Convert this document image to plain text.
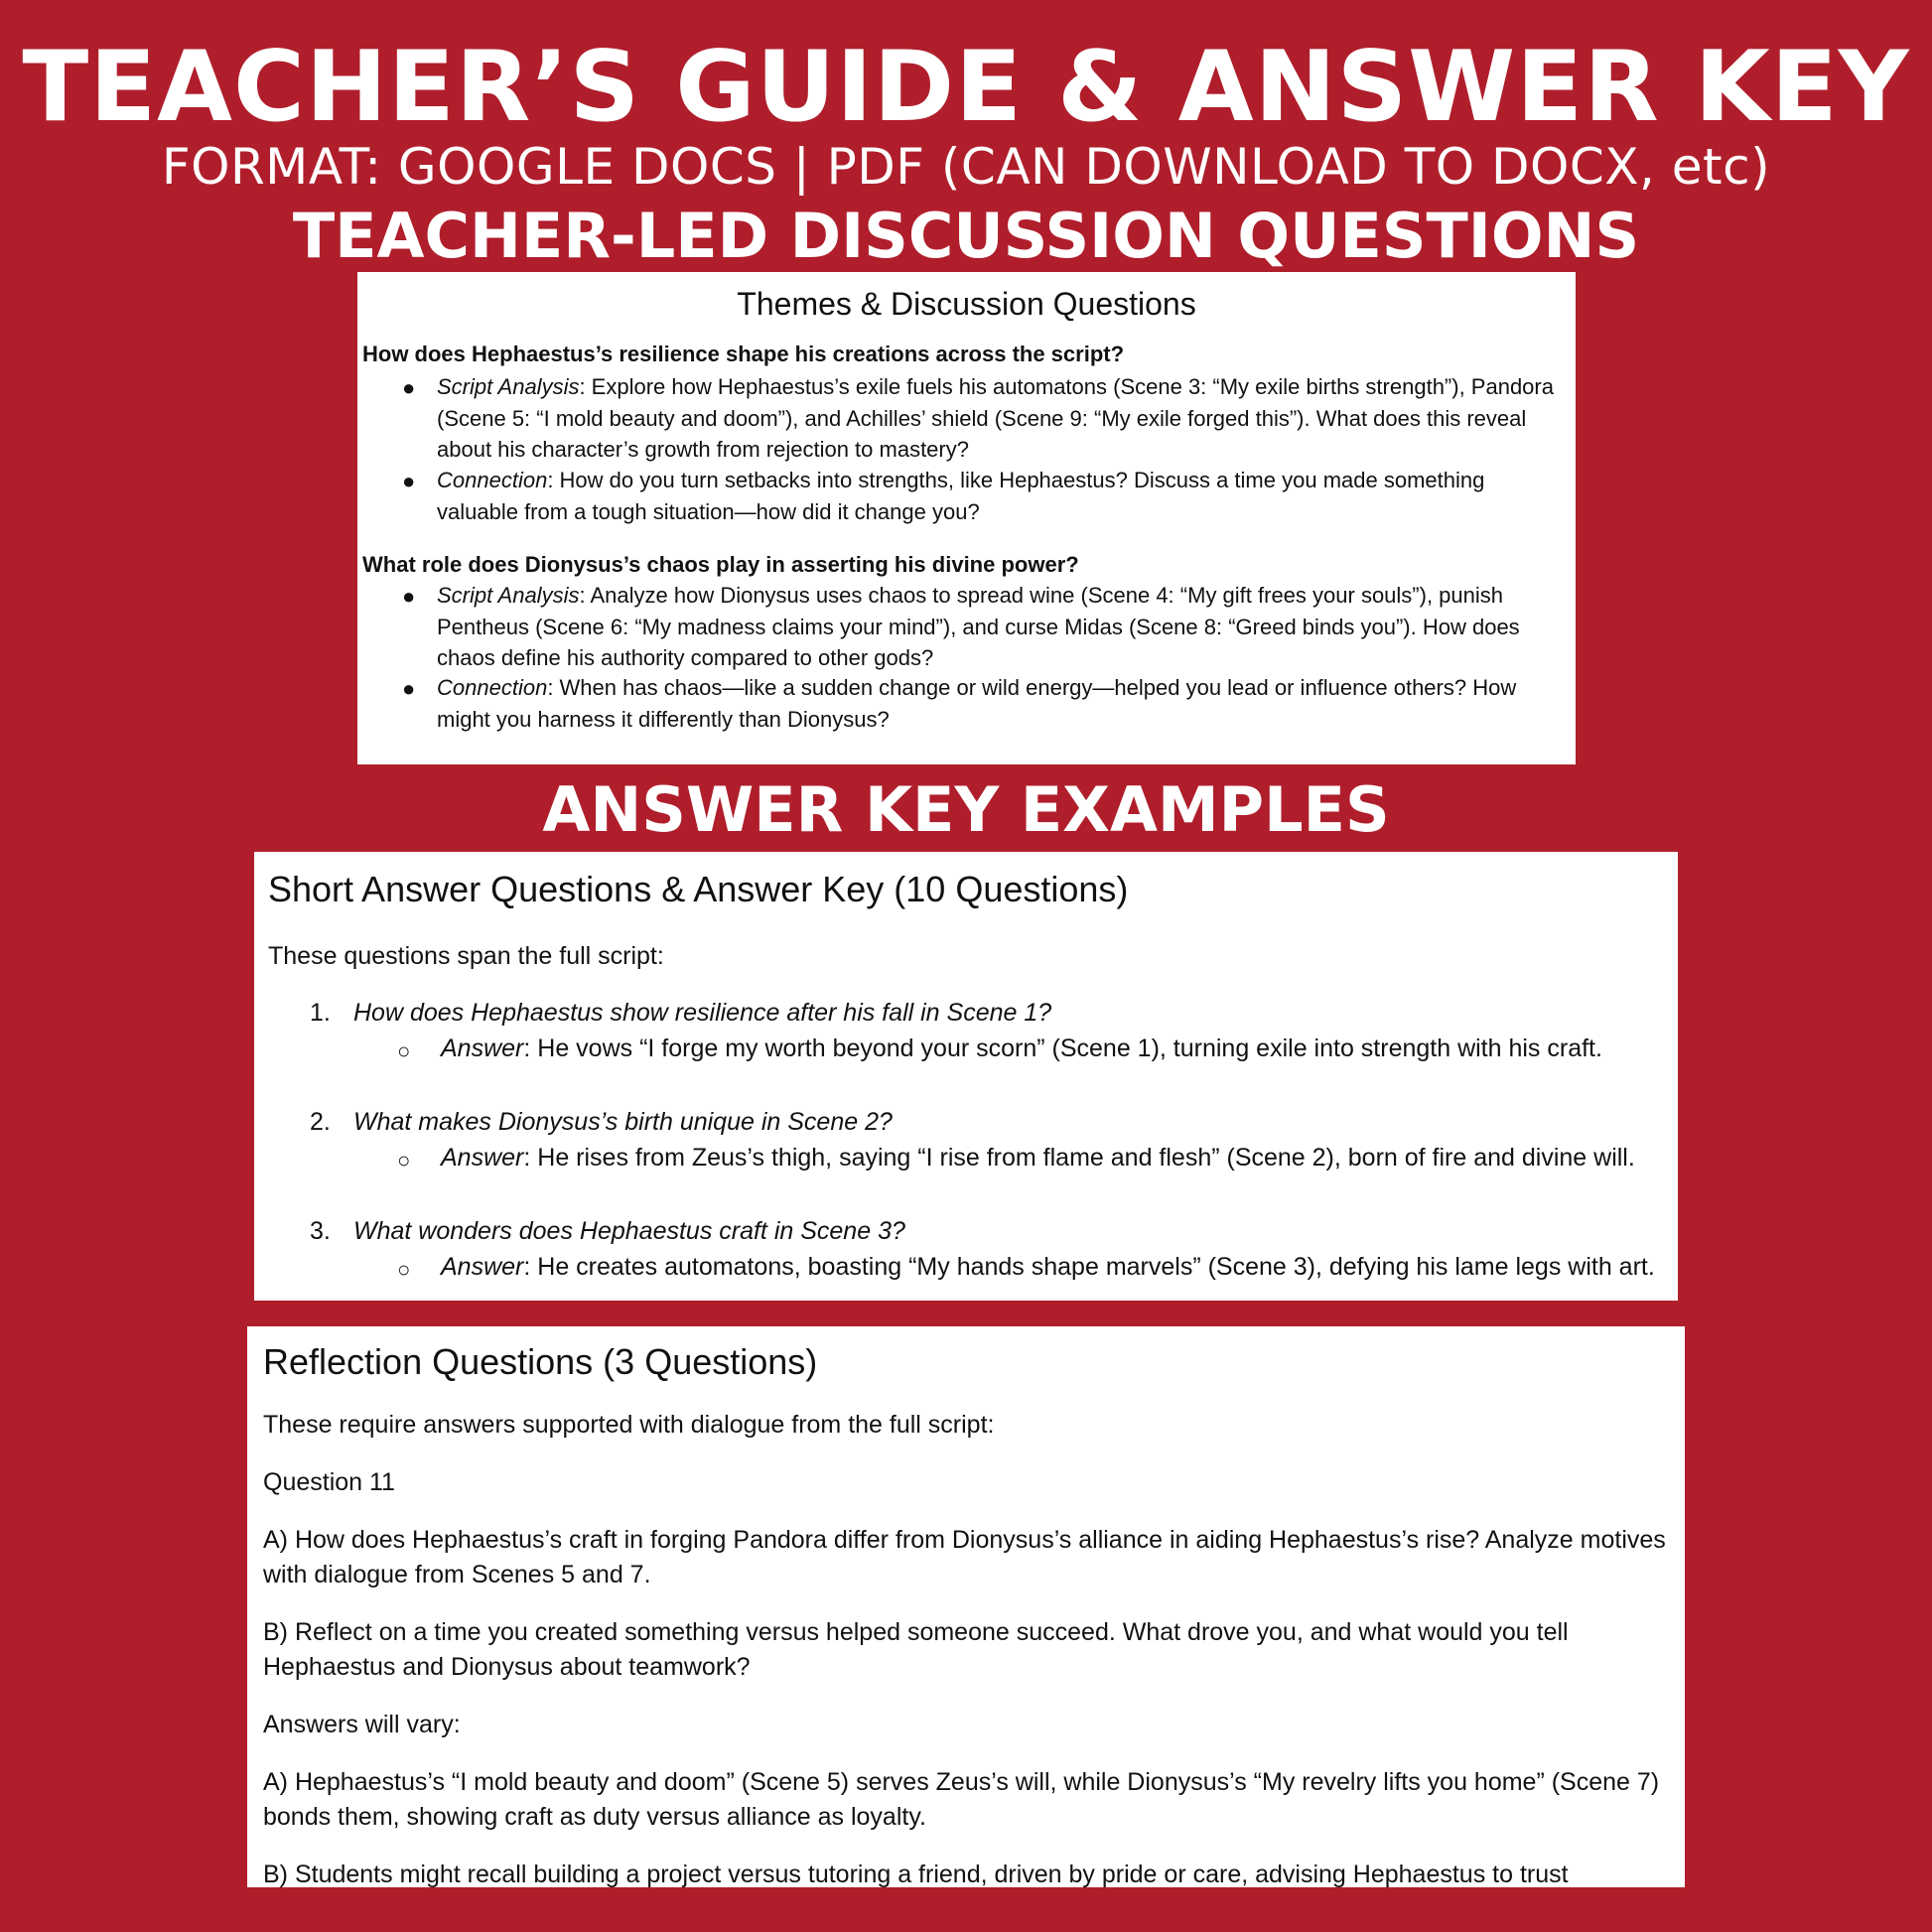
TEACHER’S GUIDE & ANSWER KEY
FORMAT: GOOGLE DOCS | PDF (CAN DOWNLOAD TO DOCX, etc)
TEACHER-LED DISCUSSION QUESTIONS
Themes & Discussion Questions
How does Hephaestus’s resilience shape his creations across the script?
● Script Analysis: Explore how Hephaestus’s exile fuels his automatons (Scene 3: “My exile births strength”), Pandora (Scene 5: “I mold beauty and doom”), and Achilles’ shield (Scene 9: “My exile forged this”). What does this reveal about his character’s growth from rejection to mastery?
● Connection: How do you turn setbacks into strengths, like Hephaestus? Discuss a time you made something valuable from a tough situation—how did it change you?
What role does Dionysus’s chaos play in asserting his divine power?
● Script Analysis: Analyze how Dionysus uses chaos to spread wine (Scene 4: “My gift frees your souls”), punish Pentheus (Scene 6: “My madness claims your mind”), and curse Midas (Scene 8: “Greed binds you”). How does chaos define his authority compared to other gods?
● Connection: When has chaos—like a sudden change or wild energy—helped you lead or influence others? How might you harness it differently than Dionysus?
ANSWER KEY EXAMPLES
Short Answer Questions & Answer Key (10 Questions)
These questions span the full script:
1. How does Hephaestus show resilience after his fall in Scene 1?
○ Answer: He vows “I forge my worth beyond your scorn” (Scene 1), turning exile into strength with his craft.
2. What makes Dionysus’s birth unique in Scene 2?
○ Answer: He rises from Zeus’s thigh, saying “I rise from flame and flesh” (Scene 2), born of fire and divine will.
3. What wonders does Hephaestus craft in Scene 3?
○ Answer: He creates automatons, boasting “My hands shape marvels” (Scene 3), defying his lame legs with art.
Reflection Questions (3 Questions)
These require answers supported with dialogue from the full script:
Question 11
A) How does Hephaestus’s craft in forging Pandora differ from Dionysus’s alliance in aiding Hephaestus’s rise? Analyze motives with dialogue from Scenes 5 and 7.
B) Reflect on a time you created something versus helped someone succeed. What drove you, and what would you tell Hephaestus and Dionysus about teamwork?
Answers will vary:
A) Hephaestus’s “I mold beauty and doom” (Scene 5) serves Zeus’s will, while Dionysus’s “My revelry lifts you home” (Scene 7) bonds them, showing craft as duty versus alliance as loyalty.
B) Students might recall building a project versus tutoring a friend, driven by pride or care, advising Hephaestus to trust
